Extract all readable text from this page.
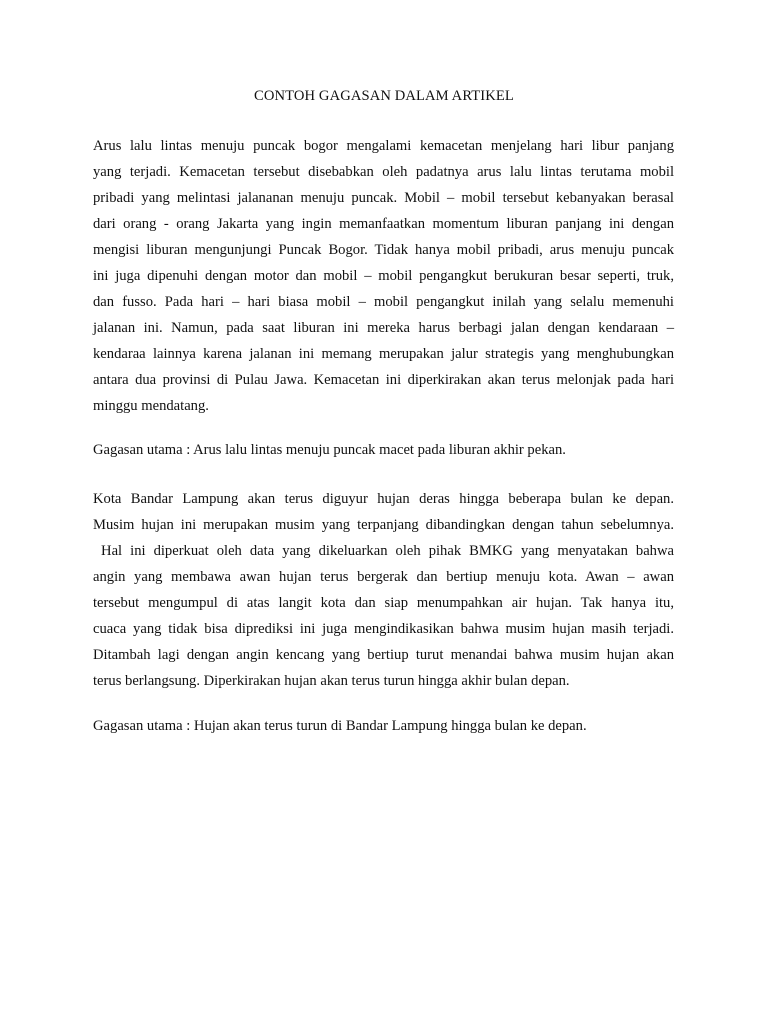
CONTOH GAGASAN DALAM ARTIKEL
Arus lalu lintas menuju puncak bogor mengalami kemacetan menjelang hari libur panjang
yang terjadi. Kemacetan tersebut disebabkan oleh padatnya arus lalu lintas terutama mobil
pribadi yang melintasi jalananan menuju puncak. Mobil – mobil tersebut kebanyakan berasal
dari orang - orang Jakarta yang ingin memanfaatkan momentum liburan panjang ini dengan
mengisi liburan mengunjungi Puncak Bogor. Tidak hanya mobil pribadi, arus menuju puncak
ini juga dipenuhi dengan motor dan mobil – mobil pengangkut berukuran besar seperti, truk,
dan fusso. Pada hari – hari biasa mobil – mobil pengangkut inilah yang selalu memenuhi
jalanan ini. Namun, pada saat liburan ini mereka harus berbagi jalan dengan kendaraan –
kendaraa lainnya karena jalanan ini memang merupakan jalur strategis yang menghubungkan
antara dua provinsi di Pulau Jawa. Kemacetan ini diperkirakan akan terus melonjak pada hari
minggu mendatang.
Gagasan utama : Arus lalu lintas menuju puncak macet pada liburan akhir pekan.
Kota Bandar Lampung akan terus diguyur hujan deras hingga beberapa bulan ke depan.
Musim hujan ini merupakan musim yang terpanjang dibandingkan dengan tahun sebelumnya.
Hal ini diperkuat oleh data yang dikeluarkan oleh pihak BMKG yang menyatakan bahwa
angin yang membawa awan hujan terus bergerak dan bertiup menuju kota. Awan – awan
tersebut mengumpul di atas langit kota dan siap menumpahkan air hujan. Tak hanya itu,
cuaca yang tidak bisa diprediksi ini juga mengindikasikan bahwa musim hujan masih terjadi.
Ditambah lagi dengan angin kencang yang bertiup turut menandai bahwa musim hujan akan
terus berlangsung. Diperkirakan hujan akan terus turun hingga akhir bulan depan.
Gagasan utama : Hujan akan terus turun di Bandar Lampung hingga bulan ke depan.
